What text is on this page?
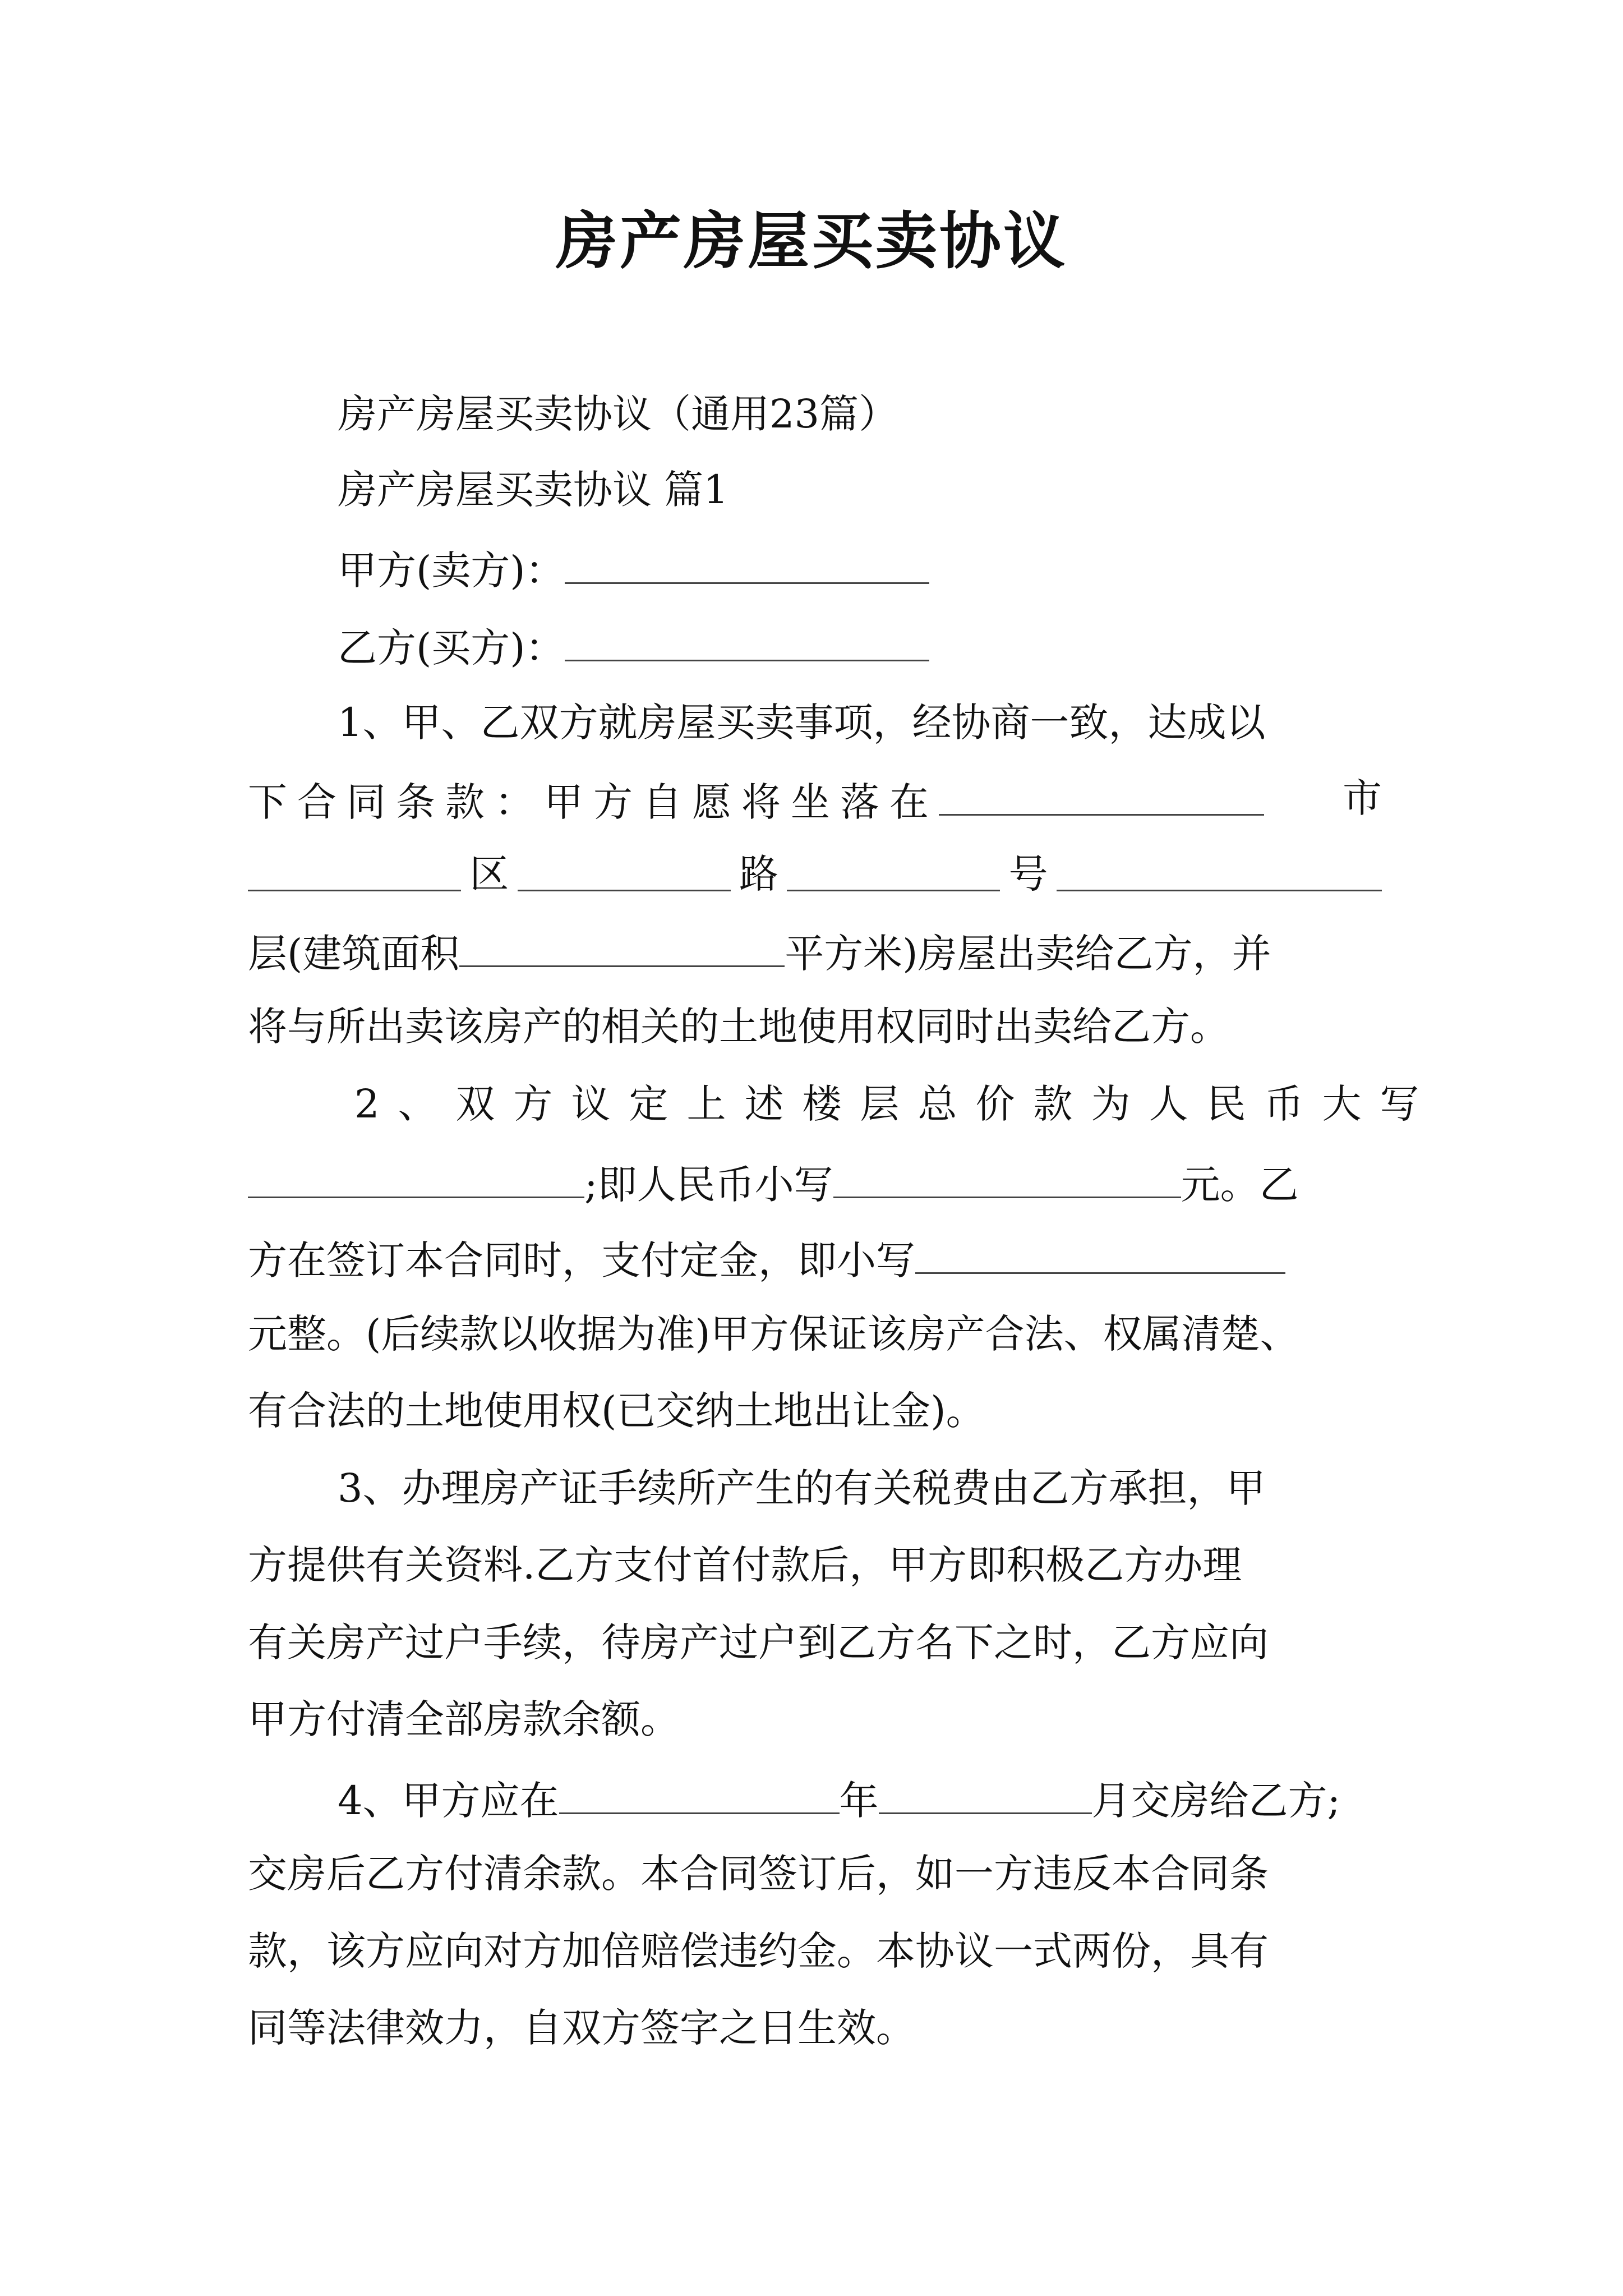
房产房屋买卖协议
房产房屋买卖协议（通用23篇）
房产房屋买卖协议 篇1
甲方(卖方)：
乙方(买方)：
1、甲、乙双方就房屋买卖事项，经协商一致，达成以
下合同条款：甲方自愿将坐落在	市
区	路	号
层(建筑面积	平方米)房屋出卖给乙方，并
将与所出卖该房产的相关的土地使用权同时出卖给乙方。
2、双方议定上述楼层总价款为人民币大写
;即人民币小写	元。乙
方在签订本合同时，支付定金，即小写
元整。(后续款以收据为准)甲方保证该房产合法、权属清楚、
有合法的土地使用权(已交纳土地出让金)。
3、办理房产证手续所产生的有关税费由乙方承担，甲
方提供有关资料.乙方支付首付款后，甲方即积极乙方办理
有关房产过户手续，待房产过户到乙方名下之时，乙方应向
甲方付清全部房款余额。
4、甲方应在	年	月交房给乙方;
交房后乙方付清余款。本合同签订后，如一方违反本合同条
款，该方应向对方加倍赔偿违约金。本协议一式两份，具有
同等法律效力，自双方签字之日生效。
